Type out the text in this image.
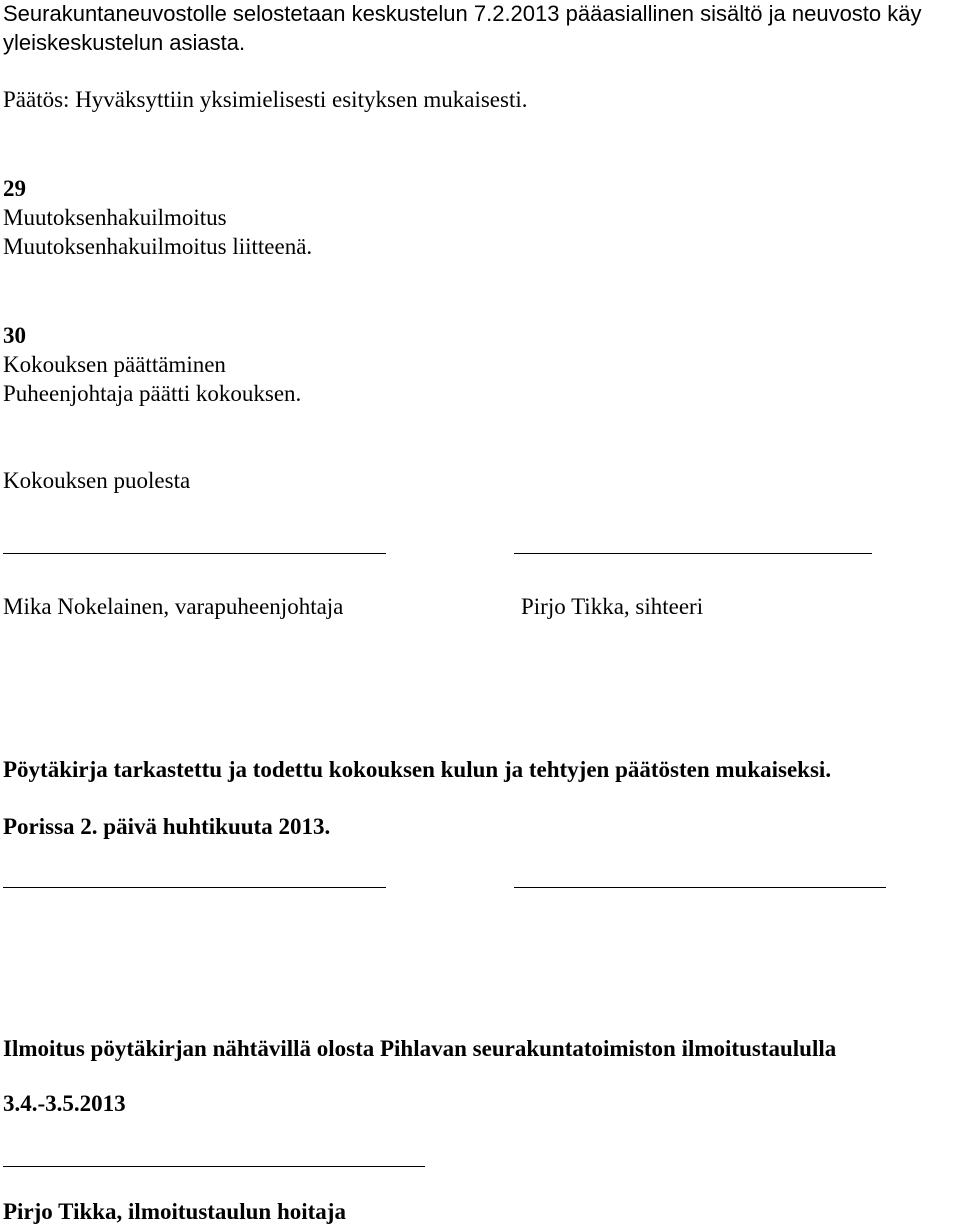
Seurakuntaneuvostolle selostetaan keskustelun 7.2.2013 pääasiallinen sisältö ja neuvosto käy
yleiskeskustelun asiasta.
Päätös: Hyväksyttiin yksimielisesti esityksen mukaisesti.
29
Muutoksenhakuilmoitus
Muutoksenhakuilmoitus liitteenä.
30
Kokouksen päättäminen
Puheenjohtaja päätti kokouksen.
Kokouksen puolesta
Mika Nokelainen, varapuheenjohtaja	Pirjo Tikka, sihteeri
Pöytäkirja tarkastettu ja todettu kokouksen kulun ja tehtyjen päätösten mukaiseksi.
Porissa 2. päivä huhtikuuta 2013.
Ilmoitus pöytäkirjan nähtävillä olosta Pihlavan seurakuntatoimiston ilmoitustaululla
3.4.-3.5.2013
Pirjo Tikka, ilmoitustaulun hoitaja
